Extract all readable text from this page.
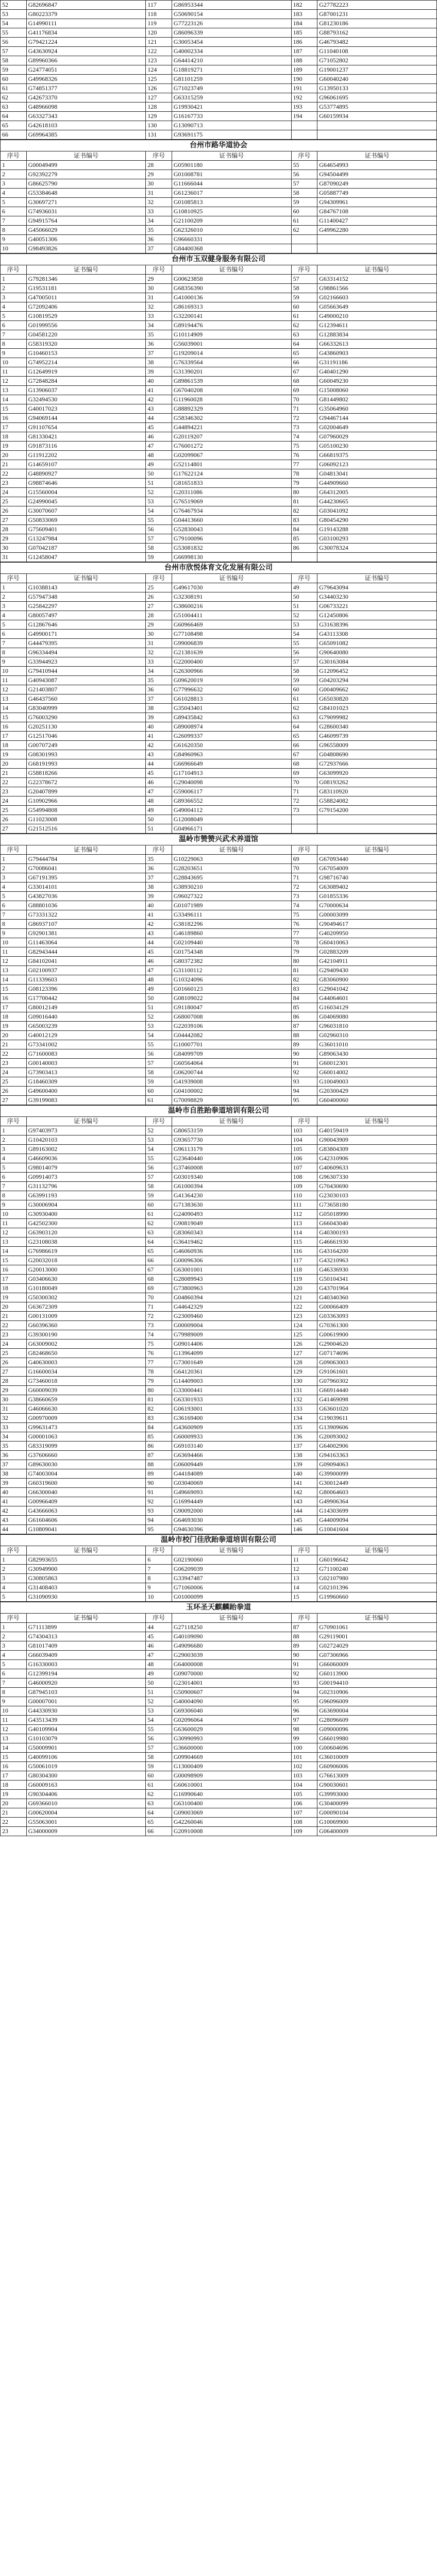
52	G82696847	117	G86953344	182	G27782223
53	G80223379	118	G50690154	183	G87001231
54	G14990111	119	G77223126	184	G81230186
55	G41176834	120	G86096339	185	G88793162
56	G79421224	121	G30053454	186	G46793482
57	G43630924	122	G40002334	187	G11040108
58	G89960366	123	G64414210	188	G71052802
59	G24774051	124	G18819271	189	G19001237
60	G49968326	125	G81101259	190	G60040240
61	G74851377	126	G71023749	191	G13950133
62	G42673370	127	G63315259	192	G96061695
63	G48966098	128	G19930421	193	G53774895
64	G63327343	129	G16167733	194	G60159934
65	G42618103	130	G13090713		
66	G69964385	131	G93691175		
台州市路华道协会					
序号	证书编号	序号	证书编号	序号	证书编号
1	G00049499	28	G05901180	55	G64654993
2	G92392279	29	G01008781	56	G94504499
3	G86625790	30	G11666044	57	G87090249
4	G53384648	31	G61236017	58	G05887749
5	G30697271	32	G01085813	59	G94309961
6	G74936031	33	G10810925	60	G84767108
7	G94915764	34	G21100209	61	G11400427
8	G45066029	35	G62326010	62	G49962280
9	G40051306	36	G96660331		
10	G98493826	37	G84400368		
台州市玉双健身服务有限公司					
序号	证书编号	序号	证书编号	序号	证书编号
1	G79281346	29	G00623858	57	G63314152
2	G19531181	30	G68356390	58	G98861566
3	G47005011	31	G41000136	59	G02166603
4	G72092406	32	G86169313	60	G05663649
5	G10819529	33	G32200141	61	G49000210
6	G01999556	34	G89194476	62	G12394611
7	G04581220	35	G10114909	63	G12883834
8	G58319320	36	G56039001	64	G66332613
9	G10460153	37	G19209014	65	G43860903
10	G74952214	38	G76339564	66	G31191186
11	G12649919	39	G31390201	67	G40401290
12	G72848284	40	G89861539	68	G60049230
13	G13906037	41	G67040208	69	G15008060
14	G32494530	42	G11960028	70	G81449802
15	G40017023	43	G88892329	71	G35064960
16	G94069144	44	G58346302	72	G94467144
17	G91107654	45	G44894221	73	G02004649
18	G81330421	46	G20119207	74	G07960029
19	G91873116	47	G76001272	75	G05100230
20	G11912202	48	G02099067	76	G66819375
21	G14659107	49	G52114801	77	G06092123
22	G48890927	50	G17622124	78	G04813041
23	G98874646	51	G81651833	79	G44909660
24	G15560004	52	G20311086	80	G64312005
25	G24990045	53	G76519069	81	G44230665
26	G30070607	54	G76467934	82	G03041092
27	G50833069	55	G04413660	83	G80454290
28	G75609401	56	G52830043	84	G19143288
29	G13247984	57	G79100096	85	G03100293
30	G07042187	58	G53081832	86	G30078324
31	G12458047	59	G66998130		
台州市欣悦体育文化发展有限公司					
序号	证书编号	序号	证书编号	序号	证书编号
1	G10388143	25	G49617030	49	G79643094
2	G57947348	26	G32308191	50	G34403230
3	G25842297	27	G38600216	51	G06733221
4	G80057497	28	G51004411	52	G12450806
5	G12867646	29	G60966469	53	G31638396
6	G49900171	30	G77108498	54	G43113308
7	G44479395	31	G99006839	55	G65091082
8	G96334494	32	G21381639	56	G90640080
9	G33944923	33	G22000400	57	G30163084
10	G79410944	34	G26300966	58	G12096452
11	G40943087	35	G09620019	59	G04203294
12	G21403807	36	G77996632	60	G00409662
13	G46437560	37	G61028813	61	G65030820
14	G83040999	38	G35043401	62	G84101023
15	G76003290	39	G89435842	63	G79099982
16	G20251130	40	G89008974	64	G28600340
17	G12517046	41	G26099337	65	G46099739
18	G00707249	42	G61620350	66	G96558009
19	G08301993	43	G84960963	67	G04808690
20	G68191993	44	G66966649	68	G72937666
21	G58818266	45	G17104913	69	G63099920
22	G22378672	46	G29040098	70	G08193262
23	G20407899	47	G59006117	71	G83110920
24	G10902966	48	G89366552	72	G58824082
25	G54994808	49	G49004112	73	G79154200
26	G11023008	50	G12008049		
27	G21512516	51	G04966171		
温岭市赞赞兴武术养道馆					
序号	证书编号	序号	证书编号	序号	证书编号
1	G79444784	35	G10229063	69	G67093440
2	G70086041	36	G28203651	70	G67054009
3	G67191395	37	G28843695	71	G98716740
4	G33014101	38	G38930210	72	G63089402
5	G43827036	39	G96027322	73	G01855336
6	G88801036	40	G01071989	74	G70000634
7	G73331322	41	G33496111	75	G00003099
8	G86937107	42	G38182296	76	G90494617
9	G92901381	43	G46189860	77	G40209950
10	G11463064	44	G02109440	78	G60410063
11	G82943444	45	G01754348	79	G02883209
12	G84102041	46	G80372382	80	G42104911
13	G02100937	47	G31100112	81	G29409430
14	G11339603	48	G10324096	82	G83060900
15	G08123396	49	G01660123	83	G29041042
16	G17700442	50	G08109022	84	G44064601
17	G80012149	51	G91180047	85	G16034129
18	G09016440	52	G68007008	86	G04069080
19	G65003239	53	G22039106	87	G96031810
20	G40012129	54	G04442082	88	G02960310
21	G73341002	55	G10007701	89	G36011010
22	G71600083	56	G84099709	90	G89063430
23	G00140003	57	G60564064	91	G60012301
24	G73903413	58	G06200744	92	G60014002
25	G18460309	59	G41939008	93	G10049003
26	G49600400	60	G04100002	94	G20300429
27	G39199083	61	G70098829	95	G60400060
温岭市自胜跆拳道培训有限公司					
序号	证书编号	序号	证书编号	序号	证书编号
1	G97403973	52	G80653159	103	G40159419
2	G10420103	53	G93657730	104	G90043909
3	G89163002	54	G96113179	105	G83804309
4	G46609036	55	G23640440	106	G42310906
5	G98014079	56	G37460008	107	G40609633
6	G09914073	57	G03019340	108	G96307330
7	G31132796	58	G61000394	109	G70430690
8	G63991193	59	G41364230	110	G23030103
9	G30006904	60	G71383630	111	G73658180
10	G30930400	61	G24090493	112	G05018990
11	G42502300	62	G90819049	113	G66043040
12	G63903120	63	G83060343	114	G40300193
13	G23108038	64	G36419462	115	G46661930
14	G76986619	65	G46060936	116	G43164200
15	G20032018	66	G00096306	117	G43210963
16	G20013000	67	G63001001	118	G46336930
17	G03406630	68	G28089943	119	G50104341
18	G10180049	69	G73800963	120	G43701964
19	G50300302	70	G04860394	121	G40340360
20	G63672309	71	G44642329	122	G00066409
21	G00131009	72	G23009460	123	G03363093
22	G60396360	73	G00009004	124	G70361300
23	G39300190	74	G79989009	125	G00619900
24	G63009002	75	G09014406	126	G29004620
25	G82468650	76	G13964099	127	G07174696
26	G40630003	77	G73001649	128	G09063003
27	G16600034	78	G64120361	129	G91061601
28	G73460018	79	G14409003	130	G07960302
29	G60009039	80	G33000441	131	G66914440
30	G38660659	81	G63301933	132	G41469098
31	G46066630	82	G06193001	133	G63601020
32	G00970009	83	G36169400	134	G19039611
33	G99631473	84	G43600909	135	G13909606
34	G00001063	85	G60009933	136	G20093002
35	G83319099	86	G69103140	137	G64002906
36	G37606660	87	G63694466	138	G94163363
37	G89630030	88	G06009449	139	G09094063
38	G74003004	89	G44184089	140	G39900099
39	G60319600	90	G03040069	141	G30012449
40	G66300040	91	G49669093	142	G80064603
41	G00966409	92	G16994449	143	G49906364
42	G43666063	93	G90092000	144	G14303699
43	G61604606	94	G64693030	145	G44009094
44	G10809041	95	G94630396	146	G10041604
温岭市校门佳欣跆拳道培训有限公司					
序号	证书编号	序号	证书编号	序号	证书编号
1	G82993655	6	G02190060	11	G60196642
2	G30949900	7	G06209039	12	G71100240
3	G30805863	8	G33947487	13	G02107980
4	G31408403	9	G71060006	14	G02101396
5	G31090930	10	G01000099	15	G19960660
玉环圣天麒麟跆拳道					
序号	证书编号	序号	证书编号	序号	证书编号
1	G71113899	44	G27118250	87	G70901061
2	G74304313	45	G40109090	88	G29119001
3	G81017409	46	G49096680	89	G02724029
4	G66039409	47	G29003039	90	G07306966
5	G16330003	48	G64000008	91	G66060009
6	G12399194	49	G09070000	92	G60113900
7	G46000920	50	G23014001	93	G00194410
8	G87945103	51	G50900607	94	G02310906
9	G00007001	52	G40004090	95	G96096009
10	G44330930	53	G69306040	96	G63690004
11	G43513439	54	G02096064	97	G28096609
12	G40109904	55	G63600029	98	G09000096
13	G10103079	56	G30990993	99	G66019980
14	G50009901	57	G36600000	100	G00604696
15	G40099106	58	G09904669	101	G36010009
16	G50061019	59	G13000409	102	G60906006
17	G80304300	60	G00098909	103	G76613009
18	G60009163	61	G60610001	104	G90030601
19	G90304406	62	G16990640	105	G39993000
20	G69366010	63	G63100400	106	G30400099
21	G00620004	64	G09003069	107	G00090104
22	G55063001	65	G42260046	108	G10069900
23	G34000009	66	G20910008	109	G06400009
